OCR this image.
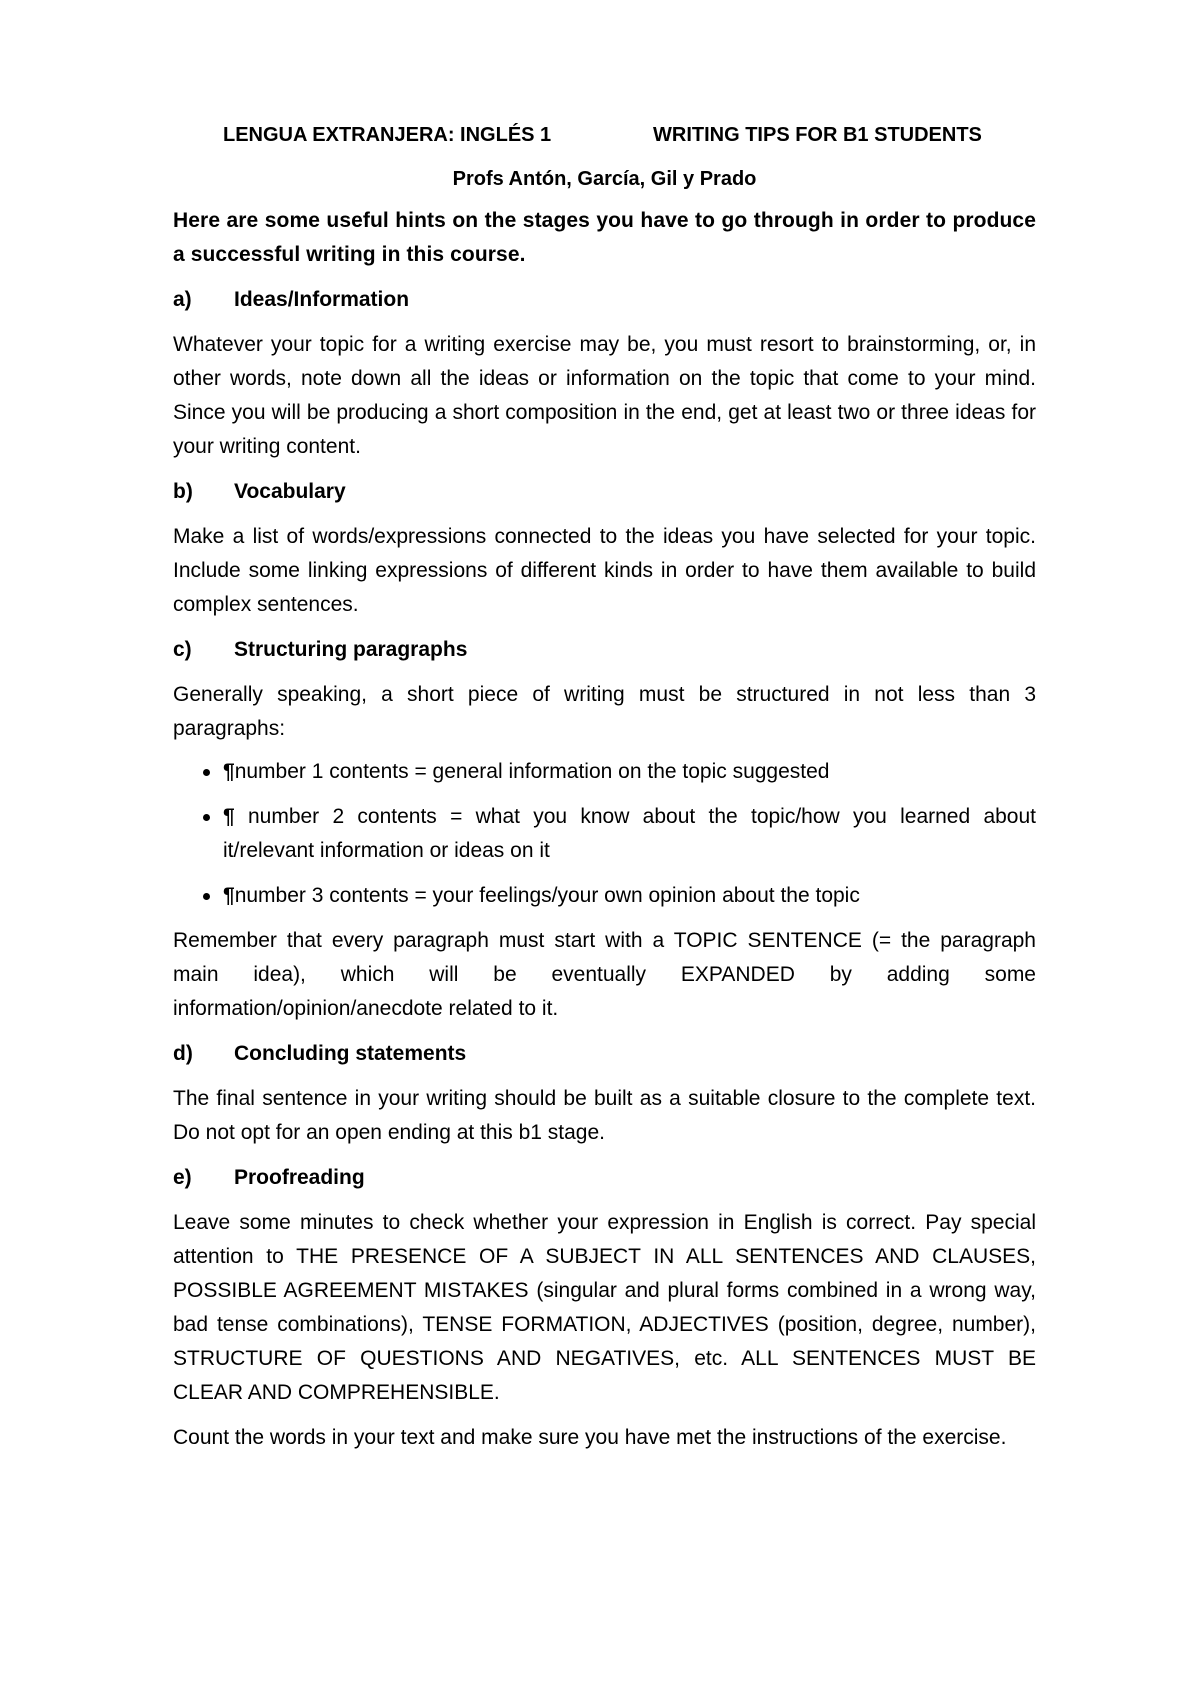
LENGUA EXTRANJERA: INGLÉS 1	WRITING TIPS FOR B1 STUDENTS
Profs Antón, García, Gil y Prado
Here are some useful hints on the stages you have to go through in order to produce a successful writing in this course.
a)	Ideas/Information
Whatever your topic for a writing exercise may be, you must resort to brainstorming, or, in other words, note down all the ideas or information on the topic that come to your mind. Since you will be producing a short composition in the end, get at least two or three ideas for your writing content.
b)	Vocabulary
Make a list of words/expressions connected to the ideas you have selected for your topic. Include some linking expressions of different kinds in order to have them available to build complex sentences.
c)	Structuring paragraphs
Generally speaking, a short piece of writing must be structured in not less than 3 paragraphs:
¶number 1 contents = general information on the topic suggested
¶ number 2 contents = what you know about the topic/how you learned about it/relevant information or ideas on it
¶number 3 contents = your feelings/your own opinion about the topic
Remember that every paragraph must start with a TOPIC SENTENCE (= the paragraph main idea), which will be eventually EXPANDED by adding some information/opinion/anecdote related to it.
d)	Concluding statements
The final sentence in your writing should be built as a suitable closure to the complete text. Do not opt for an open ending at this b1 stage.
e)	Proofreading
Leave some minutes to check whether your expression in English is correct. Pay special attention to THE PRESENCE OF A SUBJECT IN ALL SENTENCES AND CLAUSES, POSSIBLE AGREEMENT MISTAKES (singular and plural forms combined in a wrong way, bad tense combinations), TENSE FORMATION, ADJECTIVES (position, degree, number), STRUCTURE OF QUESTIONS AND NEGATIVES, etc. ALL SENTENCES MUST BE CLEAR AND COMPREHENSIBLE.
Count the words in your text and make sure you have met the instructions of the exercise.
